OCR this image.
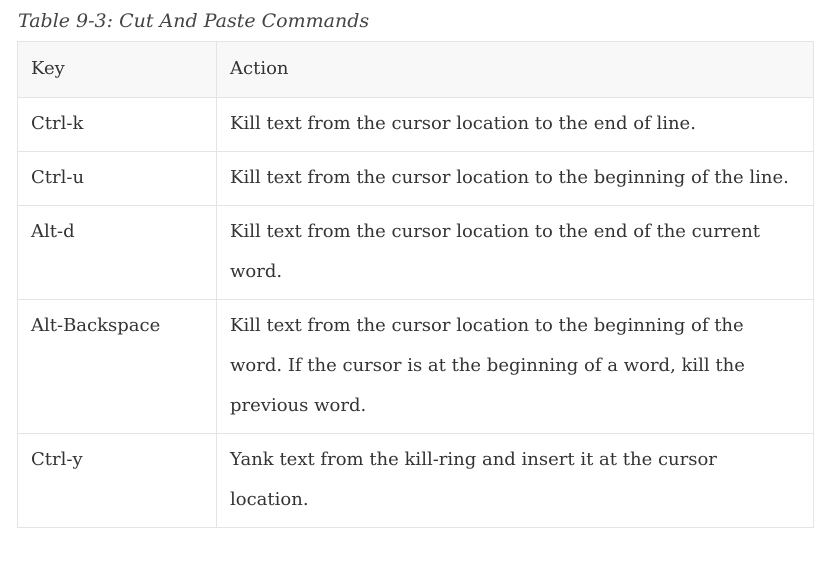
Table 9-3: Cut And Paste Commands
Key	Action
Ctrl-k	Kill text from the cursor location to the end of line.
Ctrl-u	Kill text from the cursor location to the beginning of the line.
Alt-d	Kill text from the cursor location to the end of the current word.
Alt-Backspace	Kill text from the cursor location to the beginning of the word. If the cursor is at the beginning of a word, kill the previous word.
Ctrl-y	Yank text from the kill-ring and insert it at the cursor location.
